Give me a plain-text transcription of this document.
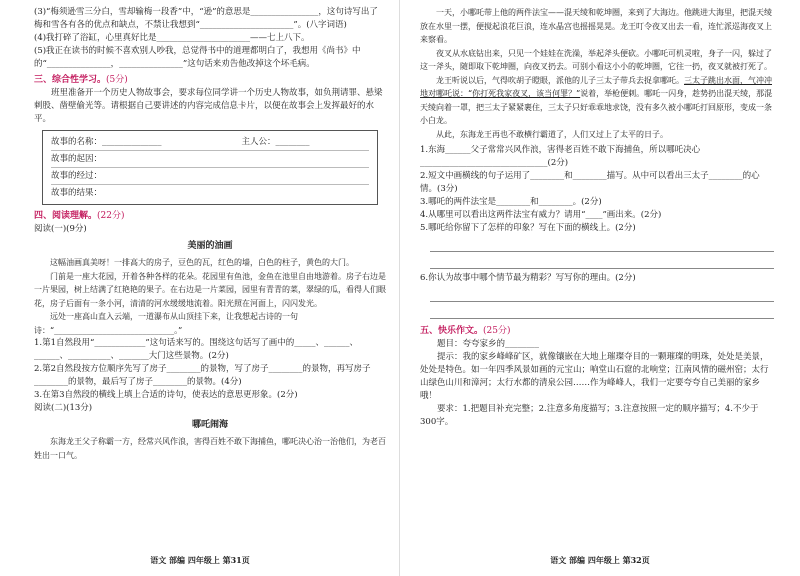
(3)“梅须逊雪三分白，雪却输梅一段香”中，“逊”的意思是________________，这句诗写出了梅和雪各有各的优点和缺点，不禁让我想到“______________________”。(八字词语)

(4)我打碎了浴缸，心里真好比是______________________——七上八下。

(5)我正在读书的时候不喜欢别人吵我，总觉得书中的道理都明白了，我想用《尚书》中的“_______________，_______________”这句话来劝告他改掉这个坏毛病。

三、综合性学习。(5分)

班里准备开一个历史人物故事会，要求每位同学讲一个历史人物故事，如负荆请罪、悬梁刺股、凿壁偷光等。请根据自己要讲述的内容完成信息卡片，以便在故事会上发挥最好的水平。

故事的名称：______________	主人公：________
故事的起因：
故事的经过：
故事的结果：

四、阅读理解。(22分)

阅读(一)(9分)

美丽的油画

这幅油画真美呀！一排高大的房子，豆色的瓦，红色的墙，白色的柱子，黄色的大门。

门前是一座大花园，开着各种各样的花朵。花园里有鱼池，金鱼在池里自由地游着。房子右边是一片果园，树上结满了红艳艳的果子。在右边是一片菜园，园里有青青的菜，翠绿的瓜，看得人们眼花，房子后面有一条小河，清清的河水缓缓地流着。阳光照在河面上，闪闪发光。

远处一座高山直入云端，一道瀑布从山顶挂下来，让我想起古诗的一句诗：“______________________________。”

1.第1自然段用“____________”这句话来写的。围绕这句话写了画中的_____、______、______、__________、_______大门这些景物。(2分)

2.第2自然段按方位顺序先写了房子________的景物，写了房子________的景物，再写房子________的景物，最后写了房子________的景物。(4分)

3.在第3自然段的横线上填上合适的诗句，使表达的意思更形象。(2分)

阅读(二)(13分)

哪吒闹海

东海龙王父子称霸一方，经常兴风作浪，害得百姓不敢下海捕鱼，哪吒决心治一治他们，为老百姓出一口气。

语文 部编 四年级上 第31页

一天，小哪吒带上他的两件法宝——混天绫和乾坤圈，来到了大海边。他跳进大海里，把混天绫放在水里一摆，便搅起浪花巨浪，连水晶宫也摇摇晃晃。龙王叮令夜叉出去一看，连忙派巡海夜叉上来察看。

夜叉从水底钻出来，只见一个娃娃在洗澡，举起斧头便砍。小哪吒可机灵啦，身子一闪，躲过了这一斧头，随即取下乾坤圈，向夜叉扔去。可别小看这小小的乾坤圈，它往一扔，夜叉就被打死了。

龙王听说以后，气得吹胡子瞪眼，派他的儿子三太子带兵去捉拿哪吒。三太子跳出水面，气冲冲地对哪吒说：“你打死我家夜叉，该当何罪？”说着，举枪便刺。哪吒一闪身，趁势扔出混天绫，那混天绫向着一罩，把三太子紧紧裹住，三太子只好乖乖地求饶，没有多久被小哪吒打回原形，变成一条小白龙。

从此，东海龙王再也不敢横行霸道了，人们又过上了太平的日子。

1.东海______父子常常兴风作浪，害得老百姓不敢下海捕鱼，所以哪吒决心______________________________(2分)

2.短文中画横线的句子运用了________和________描写。从中可以看出三太子________的心情。(3分)

3.哪吒的两件法宝是________和________。(2分)

4.从哪里可以看出这两件法宝有威力？请用“____”画出来。(2分)

5.哪吒给你留下了怎样的印象？写在下面的横线上。(2分)

6.你认为故事中哪个情节最为精彩？写写你的理由。(2分)

五、快乐作文。(25分)

题目：夸夸家乡的________

提示：我的家乡峰峰矿区，就像镶嵌在大地上璀璨夺目的一颗璀璨的明珠，处处是美景，处处是特色。如一年四季风景如画的元宝山；响堂山石窟的北响堂；江南风情的磁州窑；太行山绿色山川和漳河；太行水都的清泉公园……作为峰峰人，我们一定要夸夸自己美丽的家乡哦！

要求：1.把题目补充完整；2.注意多角度描写；3.注意按照一定的顺序描写；4.不少于300字。

语文 部编 四年级上 第32页
